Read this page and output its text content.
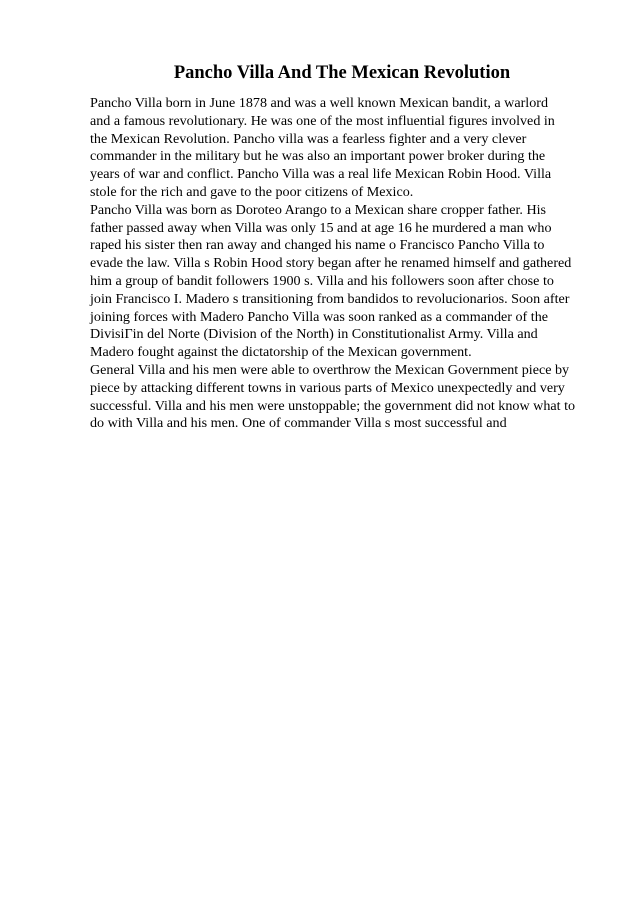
Pancho Villa And The Mexican Revolution
Pancho Villa born in June 1878 and was a well known Mexican bandit, a warlord
and a famous revolutionary. He was one of the most influential figures involved in
the Mexican Revolution. Pancho villa was a fearless fighter and a very clever
commander in the military but he was also an important power broker during the
years of war and conflict. Pancho Villa was a real life Mexican Robin Hood. Villa
stole for the rich and gave to the poor citizens of Mexico.
Pancho Villa was born as Doroteo Arango to a Mexican share cropper father. His
father passed away when Villa was only 15 and at age 16 he murdered a man who
raped his sister then ran away and changed his name o Francisco Pancho Villa to
evade the law. Villa s Robin Hood story began after he renamed himself and gathered
him a group of bandit followers 1900 s. Villa and his followers soon after chose to
join Francisco I. Madero s transitioning from bandidos to revolucionarios. Soon after
joining forces with Madero Pancho Villa was soon ranked as a commander of the
DivisiΓin del Norte (Division of the North) in Constitutionalist Army. Villa and
Madero fought against the dictatorship of the Mexican government.
General Villa and his men were able to overthrow the Mexican Government piece by
piece by attacking different towns in various parts of Mexico unexpectedly and very
successful. Villa and his men were unstoppable; the government did not know what to
do with Villa and his men. One of commander Villa s most successful and
